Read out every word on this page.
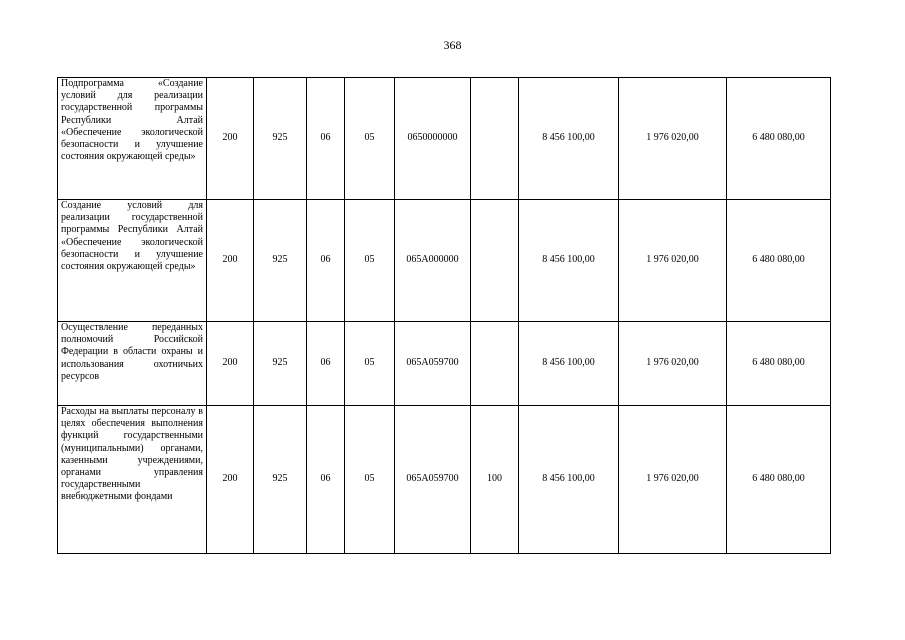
368
Подпрограмма «Создание условий для реализации государственной программы Республики Алтай «Обеспечение экологической безопасности и улучшение состояния окружающей среды»	200	925	06	05	0650000000		8 456 100,00	1 976 020,00	6 480 080,00
Создание условий для реализации государственной программы Республики Алтай «Обеспечение экологической безопасности и улучшение состояния окружающей среды»	200	925	06	05	065А000000		8 456 100,00	1 976 020,00	6 480 080,00
Осуществление переданных полномочий Российской Федерации в области охраны и использования охотничьих ресурсов	200	925	06	05	065А059700		8 456 100,00	1 976 020,00	6 480 080,00
Расходы на выплаты персоналу в целях обеспечения выполнения функций государственными (муниципальными) органами, казенными учреждениями, органами управления государственными внебюджетными фондами	200	925	06	05	065А059700	100	8 456 100,00	1 976 020,00	6 480 080,00
